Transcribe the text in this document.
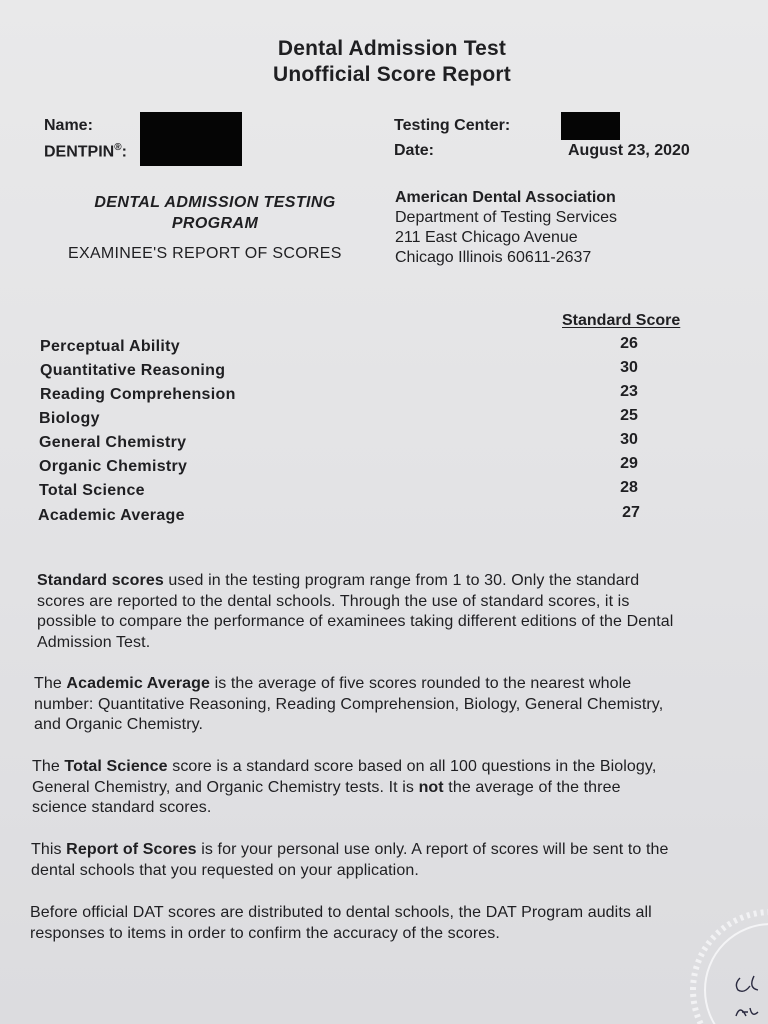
Dental Admission Test
Unofficial Score Report
Name:
DENTPIN®:
Testing Center:
Date:	August 23, 2020
DENTAL ADMISSION TESTING
PROGRAM
EXAMINEE'S REPORT OF SCORES
American Dental Association
Department of Testing Services
211 East Chicago Avenue
Chicago Illinois 60611-2637
Standard Score
Perceptual Ability	26
Quantitative Reasoning	30
Reading Comprehension	23
Biology	25
General Chemistry	30
Organic Chemistry	29
Total Science	28
Academic Average	27
Standard scores used in the testing program range from 1 to 30. Only the standard
scores are reported to the dental schools. Through the use of standard scores, it is
possible to compare the performance of examinees taking different editions of the Dental
Admission Test.
The Academic Average is the average of five scores rounded to the nearest whole
number: Quantitative Reasoning, Reading Comprehension, Biology, General Chemistry,
and Organic Chemistry.
The Total Science score is a standard score based on all 100 questions in the Biology,
General Chemistry, and Organic Chemistry tests. It is not the average of the three
science standard scores.
This Report of Scores is for your personal use only. A report of scores will be sent to the
dental schools that you requested on your application.
Before official DAT scores are distributed to dental schools, the DAT Program audits all
responses to items in order to confirm the accuracy of the scores.
